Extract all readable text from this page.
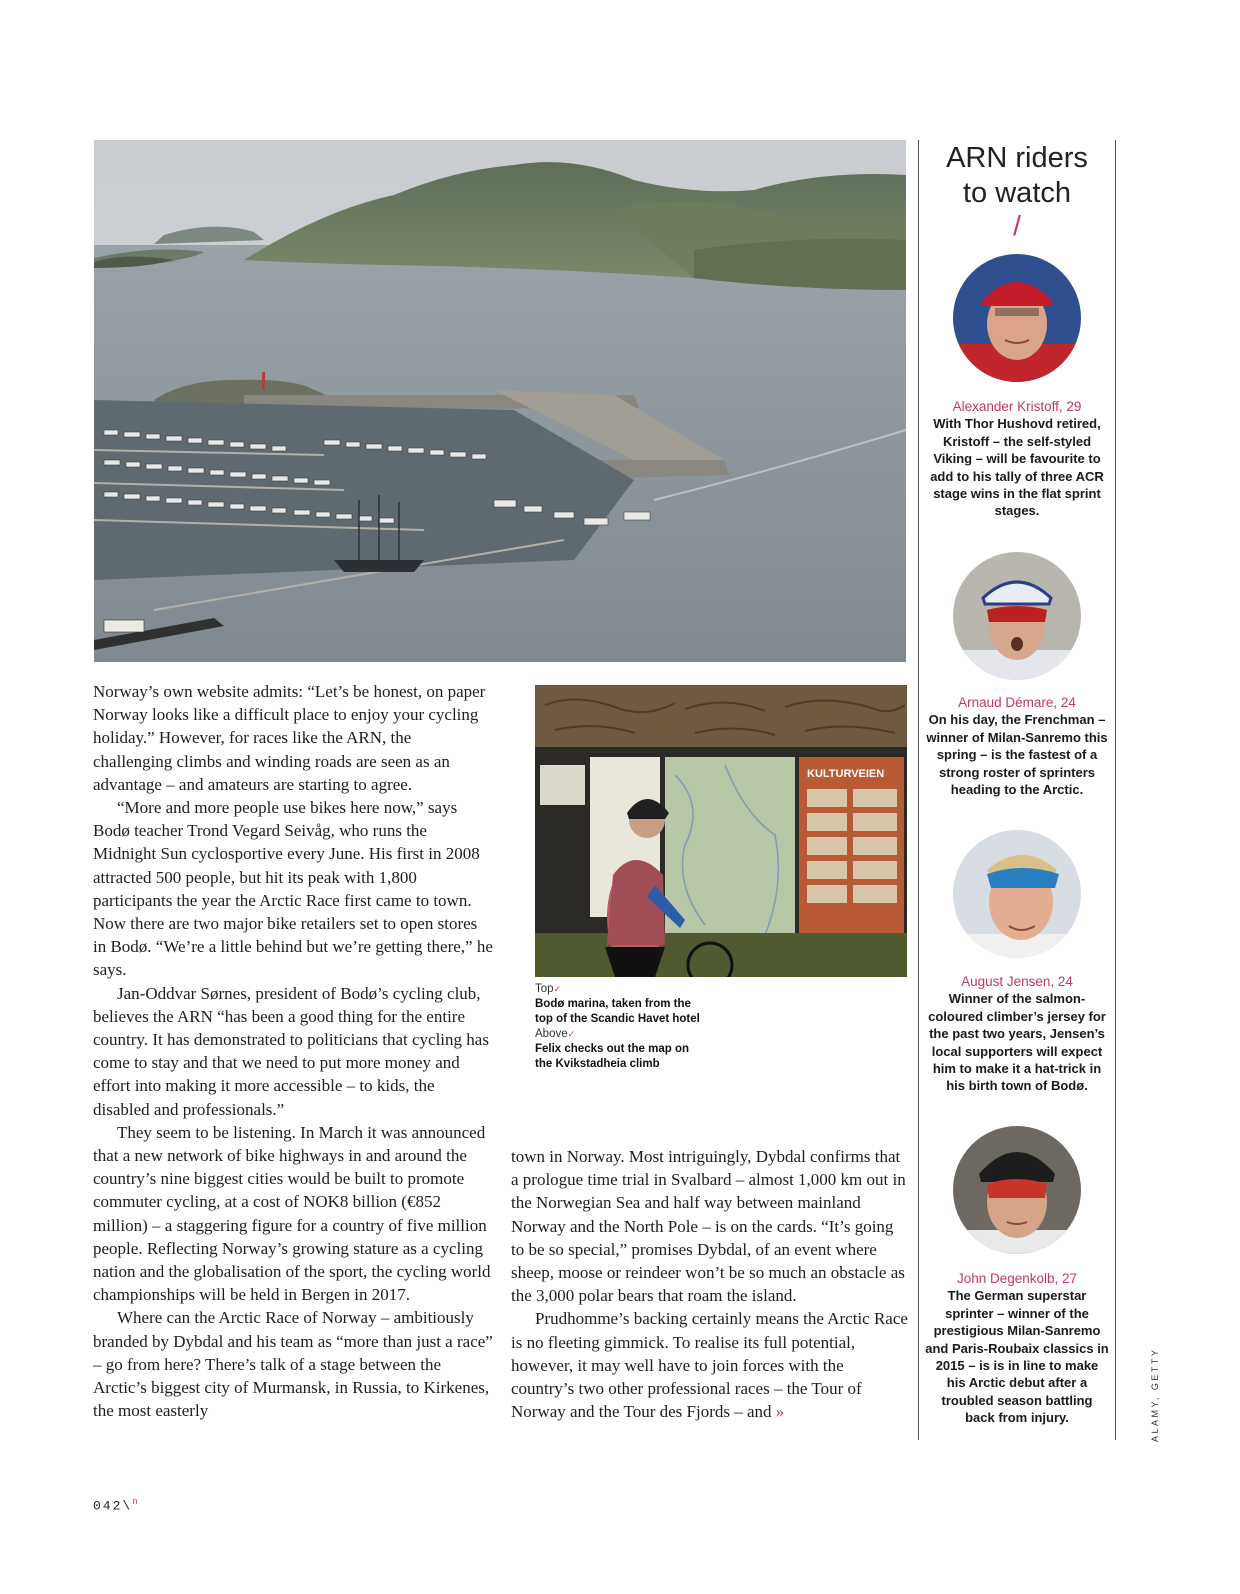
KULTURVEIEN

Norway’s own website admits: “Let’s be honest, on paper Norway looks like a difficult place to enjoy your cycling holiday.” However, for races like the ARN, the challenging climbs and winding roads are seen as an advantage – and amateurs are starting to agree.

“More and more people use bikes here now,” says Bodø teacher Trond Vegard Seivåg, who runs the Midnight Sun cyclosportive every June. His first in 2008 attracted 500 people, but hit its peak with 1,800 participants the year the Arctic Race first came to town. Now there are two major bike retailers set to open stores in Bodø. “We’re a little behind but we’re getting there,” he says.

Jan-Oddvar Sørnes, president of Bodø’s cycling club, believes the ARN “has been a good thing for the entire country. It has demonstrated to politicians that cycling has come to stay and that we need to put more money and effort into making it more accessible – to kids, the disabled and professionals.”

They seem to be listening. In March it was announced that a new network of bike highways in and around the country’s nine biggest cities would be built to promote commuter cycling, at a cost of NOK8 billion (€852 million) – a staggering figure for a country of five million people. Reflecting Norway’s growing stature as a cycling nation and the globalisation of the sport, the cycling world championships will be held in Bergen in 2017.

Where can the Arctic Race of Norway – ambitiously branded by Dybdal and his team as “more than just a race” – go from here? There’s talk of a stage between the Arctic’s biggest city of Murmansk, in Russia, to Kirkenes, the most easterly

Top✓
Bodø marina, taken from the top of the Scandic Havet hotel
Above✓
Felix checks out the map on the Kvikstadheia climb

town in Norway. Most intriguingly, Dybdal confirms that a prologue time trial in Svalbard – almost 1,000 km out in the Norwegian Sea and half way between mainland Norway and the North Pole – is on the cards. “It’s going to be so special,” promises Dybdal, of an event where sheep, moose or reindeer won’t be so much an obstacle as the 3,000 polar bears that roam the island.

Prudhomme’s backing certainly means the Arctic Race is no fleeting gimmick. To realise its full potential, however, it may well have to join forces with the country’s two other professional races – the Tour of Norway and the Tour des Fjords – and »

ARN riders
to watch
/
Alexander Kristoff, 29
With Thor Hushovd retired, Kristoff – the self-styled Viking – will be favourite to add to his tally of three ACR stage wins in the flat sprint stages.
Arnaud Démare, 24
On his day, the Frenchman – winner of Milan-Sanremo this spring – is the fastest of a strong roster of sprinters heading to the Arctic.
August Jensen, 24
Winner of the salmon-coloured climber’s jersey for the past two years, Jensen’s local supporters will expect him to make it a hat-trick in his birth town of Bodø.
John Degenkolb, 27
The German superstar sprinter – winner of the prestigious Milan-Sanremo and Paris-Roubaix classics in 2015 – is is in line to make his Arctic debut after a troubled season battling back from injury.	ALAMY, GETTY
042\$^n$
